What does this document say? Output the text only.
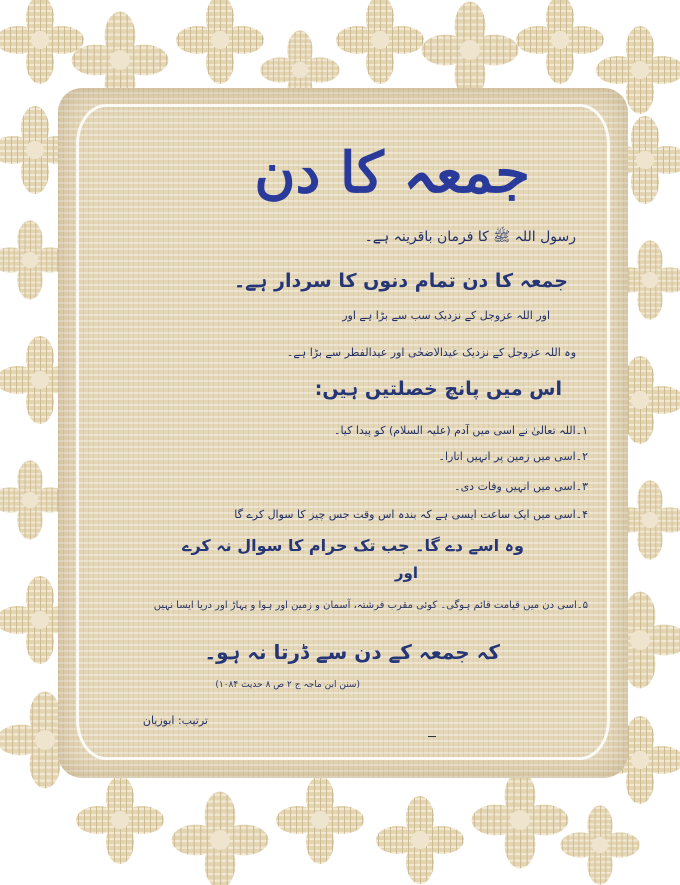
جمعہ کا دن
رسول اللہ ﷺ کا فرمان باقرینہ ہے۔
جمعہ کا دن تمام دنوں کا سردار ہے۔
اور اللہ عزوجل کے نزدیک سب سے بڑا ہے اور
وہ اللہ عزوجل کے نزدیک عیدالاضحٰی اور عیدالفطر سے بڑا ہے۔
اس میں پانچ خصلتیں ہیں:
۱۔اللہ تعالیٰ نے اسی میں آدم (علیہ السلام) کو پیدا کیا۔
۲۔اسی میں زمین پر انہیں اتارا۔
۳۔اسی میں انہیں وفات دی۔
۴۔اسی میں ایک ساعت ایسی ہے کہ بندہ اس وقت جس چیز کا سوال کرے گا
وہ اسے دے گا۔ جب تک حرام کا سوال نہ کرے
اور
۵۔اسی دن میں قیامت قائم ہوگی۔ کوئی مقرب فرشتہ، آسمان و زمین اور ہوا و پہاڑ اور دریا ایسا نہیں
کہ جمعہ کے دن سے ڈرتا نہ ہو۔
(سنن ابن ماجہ ج ۲ ص ۸ حدیث ۱۰۸۴)
ترتیب: ابوزیان
